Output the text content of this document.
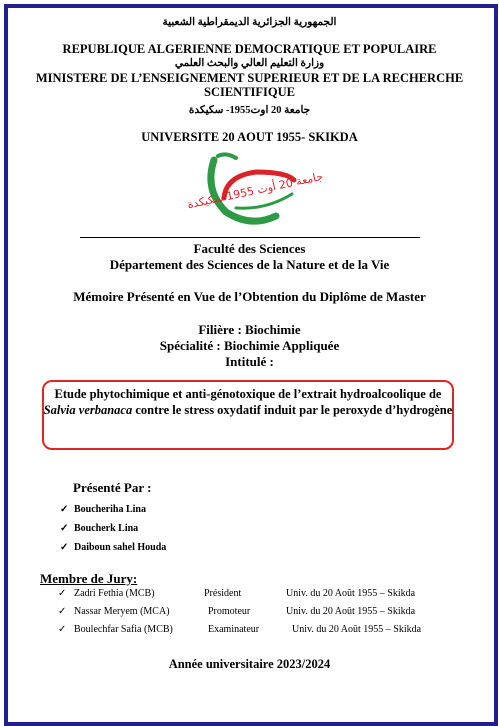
الجمهورية الجزائرية الديمقراطية الشعبية
REPUBLIQUE ALGERIENNE DEMOCRATIQUE ET POPULAIRE
وزارة التعليم العالي والبحث العلمي
MINISTERE DE L’ENSEIGNEMENT SUPERIEUR ET DE LA RECHERCHE
SCIENTIFIQUE
جامعة 20 اوت1955- سكيكدة
UNIVERSITE 20 AOUT 1955- SKIKDA
جامعة 20 أوت 1955 سكيكدة
Faculté des Sciences
Département des Sciences de la Nature et de la Vie
Mémoire Présenté en Vue de l’Obtention du Diplôme de Master
Filière : Biochimie
Spécialité : Biochimie Appliquée
Intitulé :
Etude phytochimique et anti-génotoxique de l’extrait hydroalcoolique de Salvia verbanaca contre le stress oxydatif induit par le peroxyde d’hydrogène
Présenté Par :
✓ Boucheriha Lina
✓ Boucherk Lina
✓ Daiboun sahel Houda
Membre de Jury:
✓ Zadri Fethia (MCB)	Président	Univ. du 20 Août 1955 – Skikda
✓ Nassar Meryem (MCA)	Promoteur	Univ. du 20 Août 1955 – Skikda
✓ Boulechfar Safia (MCB)	Examinateur	Univ. du 20 Août 1955 – Skikda
Année universitaire 2023/2024
